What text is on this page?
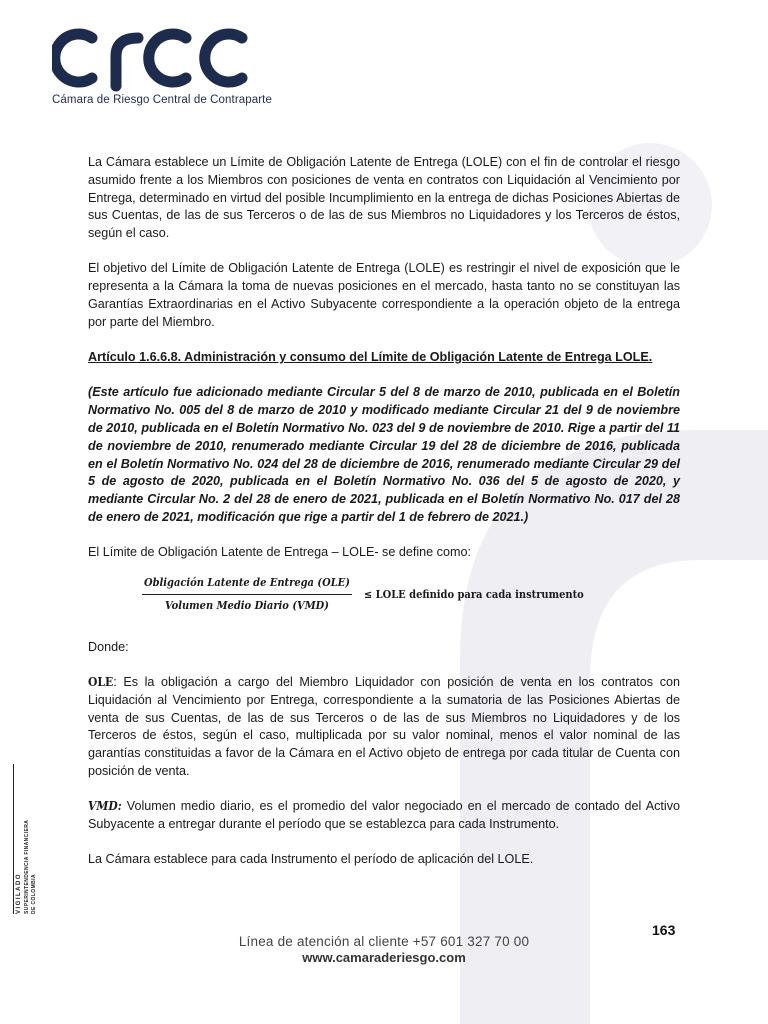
Cámara de Riesgo Central de Contraparte

La Cámara establece un Límite de Obligación Latente de Entrega (LOLE) con el fin de controlar el riesgo asumido frente a los Miembros con posiciones de venta en contratos con Liquidación al Vencimiento por Entrega, determinado en virtud del posible Incumplimiento en la entrega de dichas Posiciones Abiertas de sus Cuentas, de las de sus Terceros o de las de sus Miembros no Liquidadores y los Terceros de éstos, según el caso.

El objetivo del Límite de Obligación Latente de Entrega (LOLE) es restringir el nivel de exposición que le representa a la Cámara la toma de nuevas posiciones en el mercado, hasta tanto no se constituyan las Garantías Extraordinarias en el Activo Subyacente correspondiente a la operación objeto de la entrega por parte del Miembro.

Artículo 1.6.6.8. Administración y consumo del Límite de Obligación Latente de Entrega LOLE.

(Este artículo fue adicionado mediante Circular 5 del 8 de marzo de 2010, publicada en el Boletín Normativo No. 005 del 8 de marzo de 2010 y modificado mediante Circular 21 del 9 de noviembre de 2010, publicada en el Boletín Normativo No. 023 del 9 de noviembre de 2010. Rige a partir del 11 de noviembre de 2010, renumerado mediante Circular 19 del 28 de diciembre de 2016, publicada en el Boletín Normativo No. 024 del 28 de diciembre de 2016, renumerado mediante Circular 29 del 5 de agosto de 2020, publicada en el Boletín Normativo No. 036 del 5 de agosto de 2020, y mediante Circular No. 2 del 28 de enero de 2021, publicada en el Boletín Normativo No. 017 del 28 de enero de 2021, modificación que rige a partir del 1 de febrero de 2021.)

El Límite de Obligación Latente de Entrega – LOLE- se define como:

$\frac{\text{Obligación Latente de Entrega (OLE)}}{\text{Volumen Medio Diario (VMD)}}$ ≤ LOLE definido para cada instrumento

Donde:

OLE: Es la obligación a cargo del Miembro Liquidador con posición de venta en los contratos con Liquidación al Vencimiento por Entrega, correspondiente a la sumatoria de las Posiciones Abiertas de venta de sus Cuentas, de las de sus Terceros o de las de sus Miembros no Liquidadores y de los Terceros de éstos, según el caso, multiplicada por su valor nominal, menos el valor nominal de las garantías constituidas a favor de la Cámara en el Activo objeto de entrega por cada titular de Cuenta con posición de venta.

VMD: Volumen medio diario, es el promedio del valor negociado en el mercado de contado del Activo Subyacente a entregar durante el período que se establezca para cada Instrumento.

La Cámara establece para cada Instrumento el período de aplicación del LOLE.

VIGILADO SUPERINTENDENCIA FINANCIERA DE COLOMBIA
163
Línea de atención al cliente +57 601 327 70 00
www.camaraderiesgo.com
